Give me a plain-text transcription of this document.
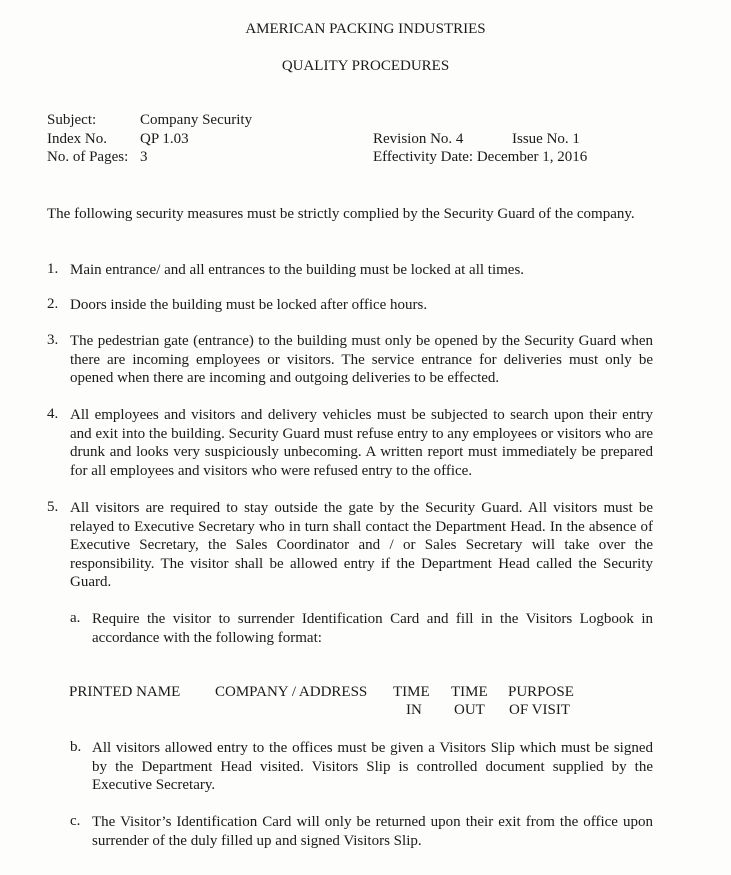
AMERICAN PACKING INDUSTRIES
QUALITY PROCEDURES
Subject:	Company Security
Index No. QP 1.03
No. of Pages: 3
Revision No. 4	Issue No. 1
Effectivity Date: December 1, 2016
The following security measures must be strictly complied by the Security Guard of the company.
1. Main entrance/ and all entrances to the building must be locked at all times.
2. Doors inside the building must be locked after office hours.
3. The pedestrian gate (entrance) to the building must only be opened by the Security Guard when there are incoming employees or visitors. The service entrance for deliveries must only be opened when there are incoming and outgoing deliveries to be effected.
4. All employees and visitors and delivery vehicles must be subjected to search upon their entry and exit into the building. Security Guard must refuse entry to any employees or visitors who are drunk and looks very suspiciously unbecoming. A written report must immediately be prepared for all employees and visitors who were refused entry to the office.
5. All visitors are required to stay outside the gate by the Security Guard. All visitors must be relayed to Executive Secretary who in turn shall contact the Department Head. In the absence of Executive Secretary, the Sales Coordinator and / or Sales Secretary will take over the responsibility. The visitor shall be allowed entry if the Department Head called the Security Guard.
a. Require the visitor to surrender Identification Card and fill in the Visitors Logbook in accordance with the following format:
PRINTED NAME COMPANY / ADDRESS TIME
IN
TIME
OUT
PURPOSE
OF VISIT
b. All visitors allowed entry to the offices must be given a Visitors Slip which must be signed by the Department Head visited. Visitors Slip is controlled document supplied by the Executive Secretary.
c. The Visitor’s Identification Card will only be returned upon their exit from the office upon surrender of the duly filled up and signed Visitors Slip.
